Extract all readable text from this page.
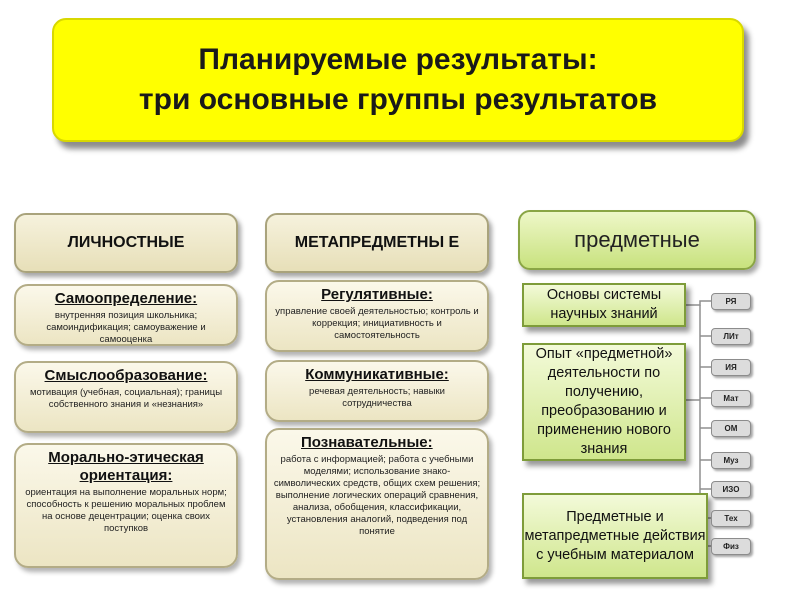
Планируемые результаты:
три основные группы результатов
ЛИЧНОСТНЫЕ	МЕТАПРЕДМЕТНЫ Е	предметные
Самоопределение:
внутренняя позиция школьника; самоиндификация; самоуважение и самооценка
Смыслообразование:
мотивация (учебная, социальная); границы собственного знания и «незнания»
Морально-этическая ориентация:
ориентация на выполнение моральных норм; способность к решению моральных проблем на основе децентрации; оценка своих поступков
Регулятивные:
управление своей деятельностью; контроль и коррекция; инициативность и самостоятельность
Коммуникативные:
речевая деятельность; навыки сотрудничества
Познавательные:
работа с информацией; работа с учебными моделями; использование знако-символических средств, общих схем решения; выполнение логических операций сравнения, анализа, обобщения, классификации, установления аналогий, подведения под понятие
Основы системы научных знаний
Опыт «предметной» деятельности по получению, преобразованию и применению нового знания
Предметные и метапредметные действия с учебным материалом
РЯ
ЛИт
ИЯ
Мат
ОМ
Муз
ИЗО
Тех
Физ
